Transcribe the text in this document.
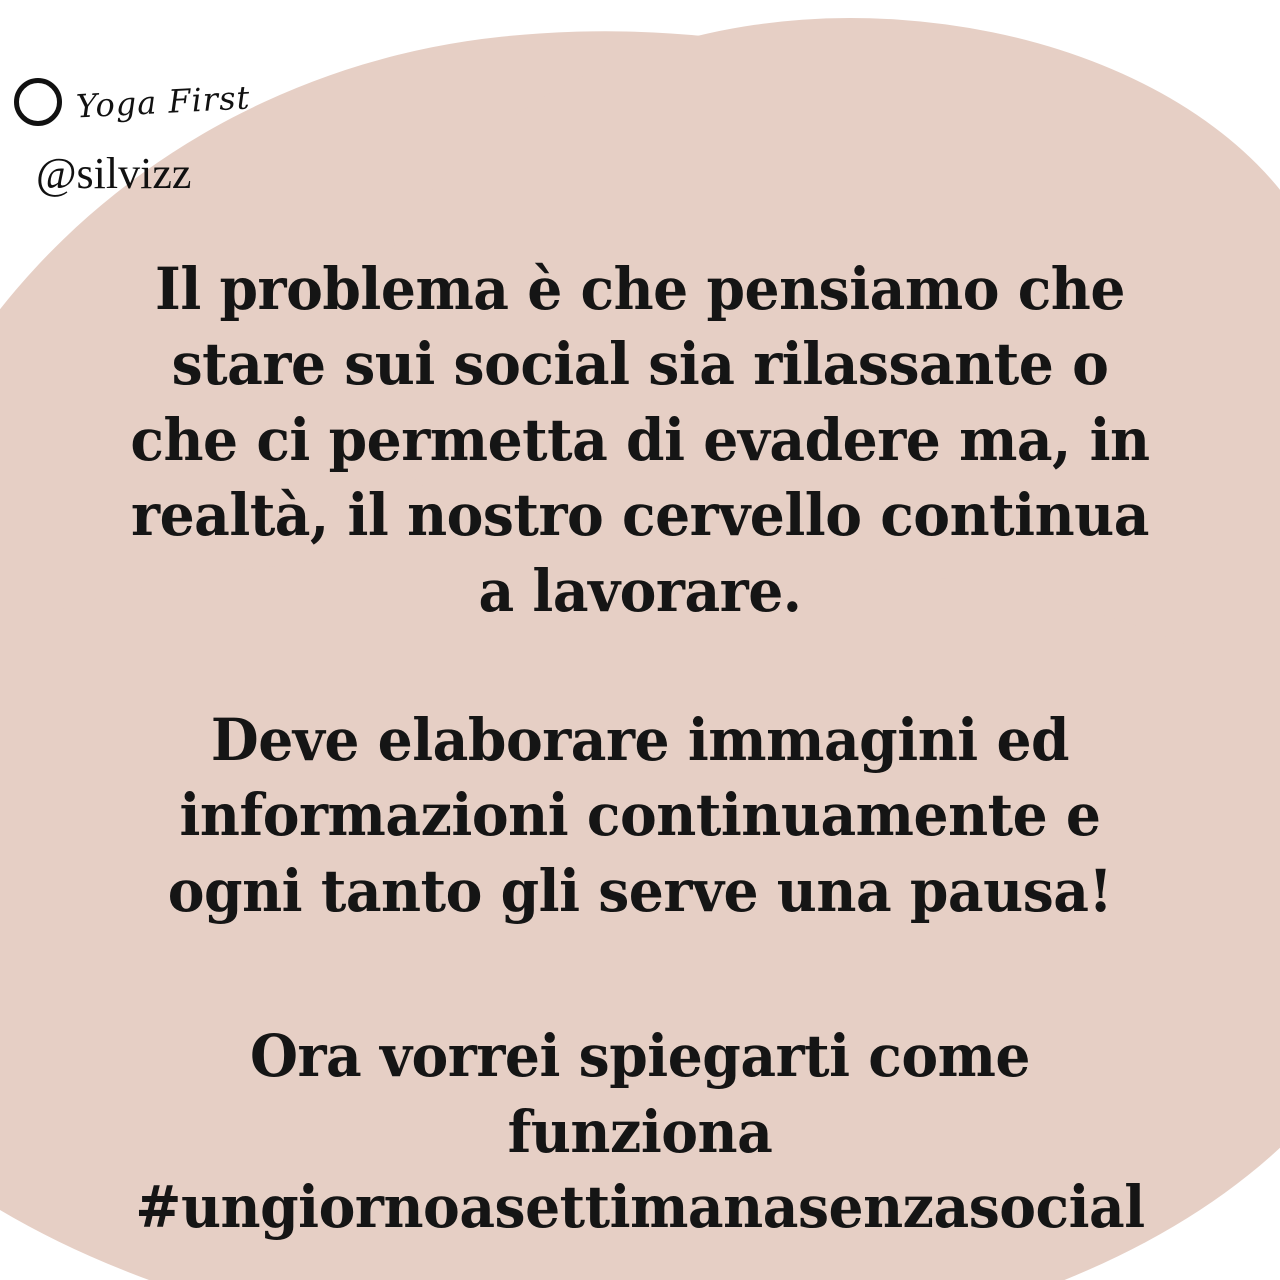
Yoga First
@silvizz

Il problema è che pensiamo che stare sui social sia rilassante o che ci permetta di evadere ma, in realtà, il nostro cervello continua a lavorare.

Deve elaborare immagini ed informazioni continuamente e ogni tanto gli serve una pausa!

Ora vorrei spiegarti come funziona #ungiornoasettimanasenzasocial
